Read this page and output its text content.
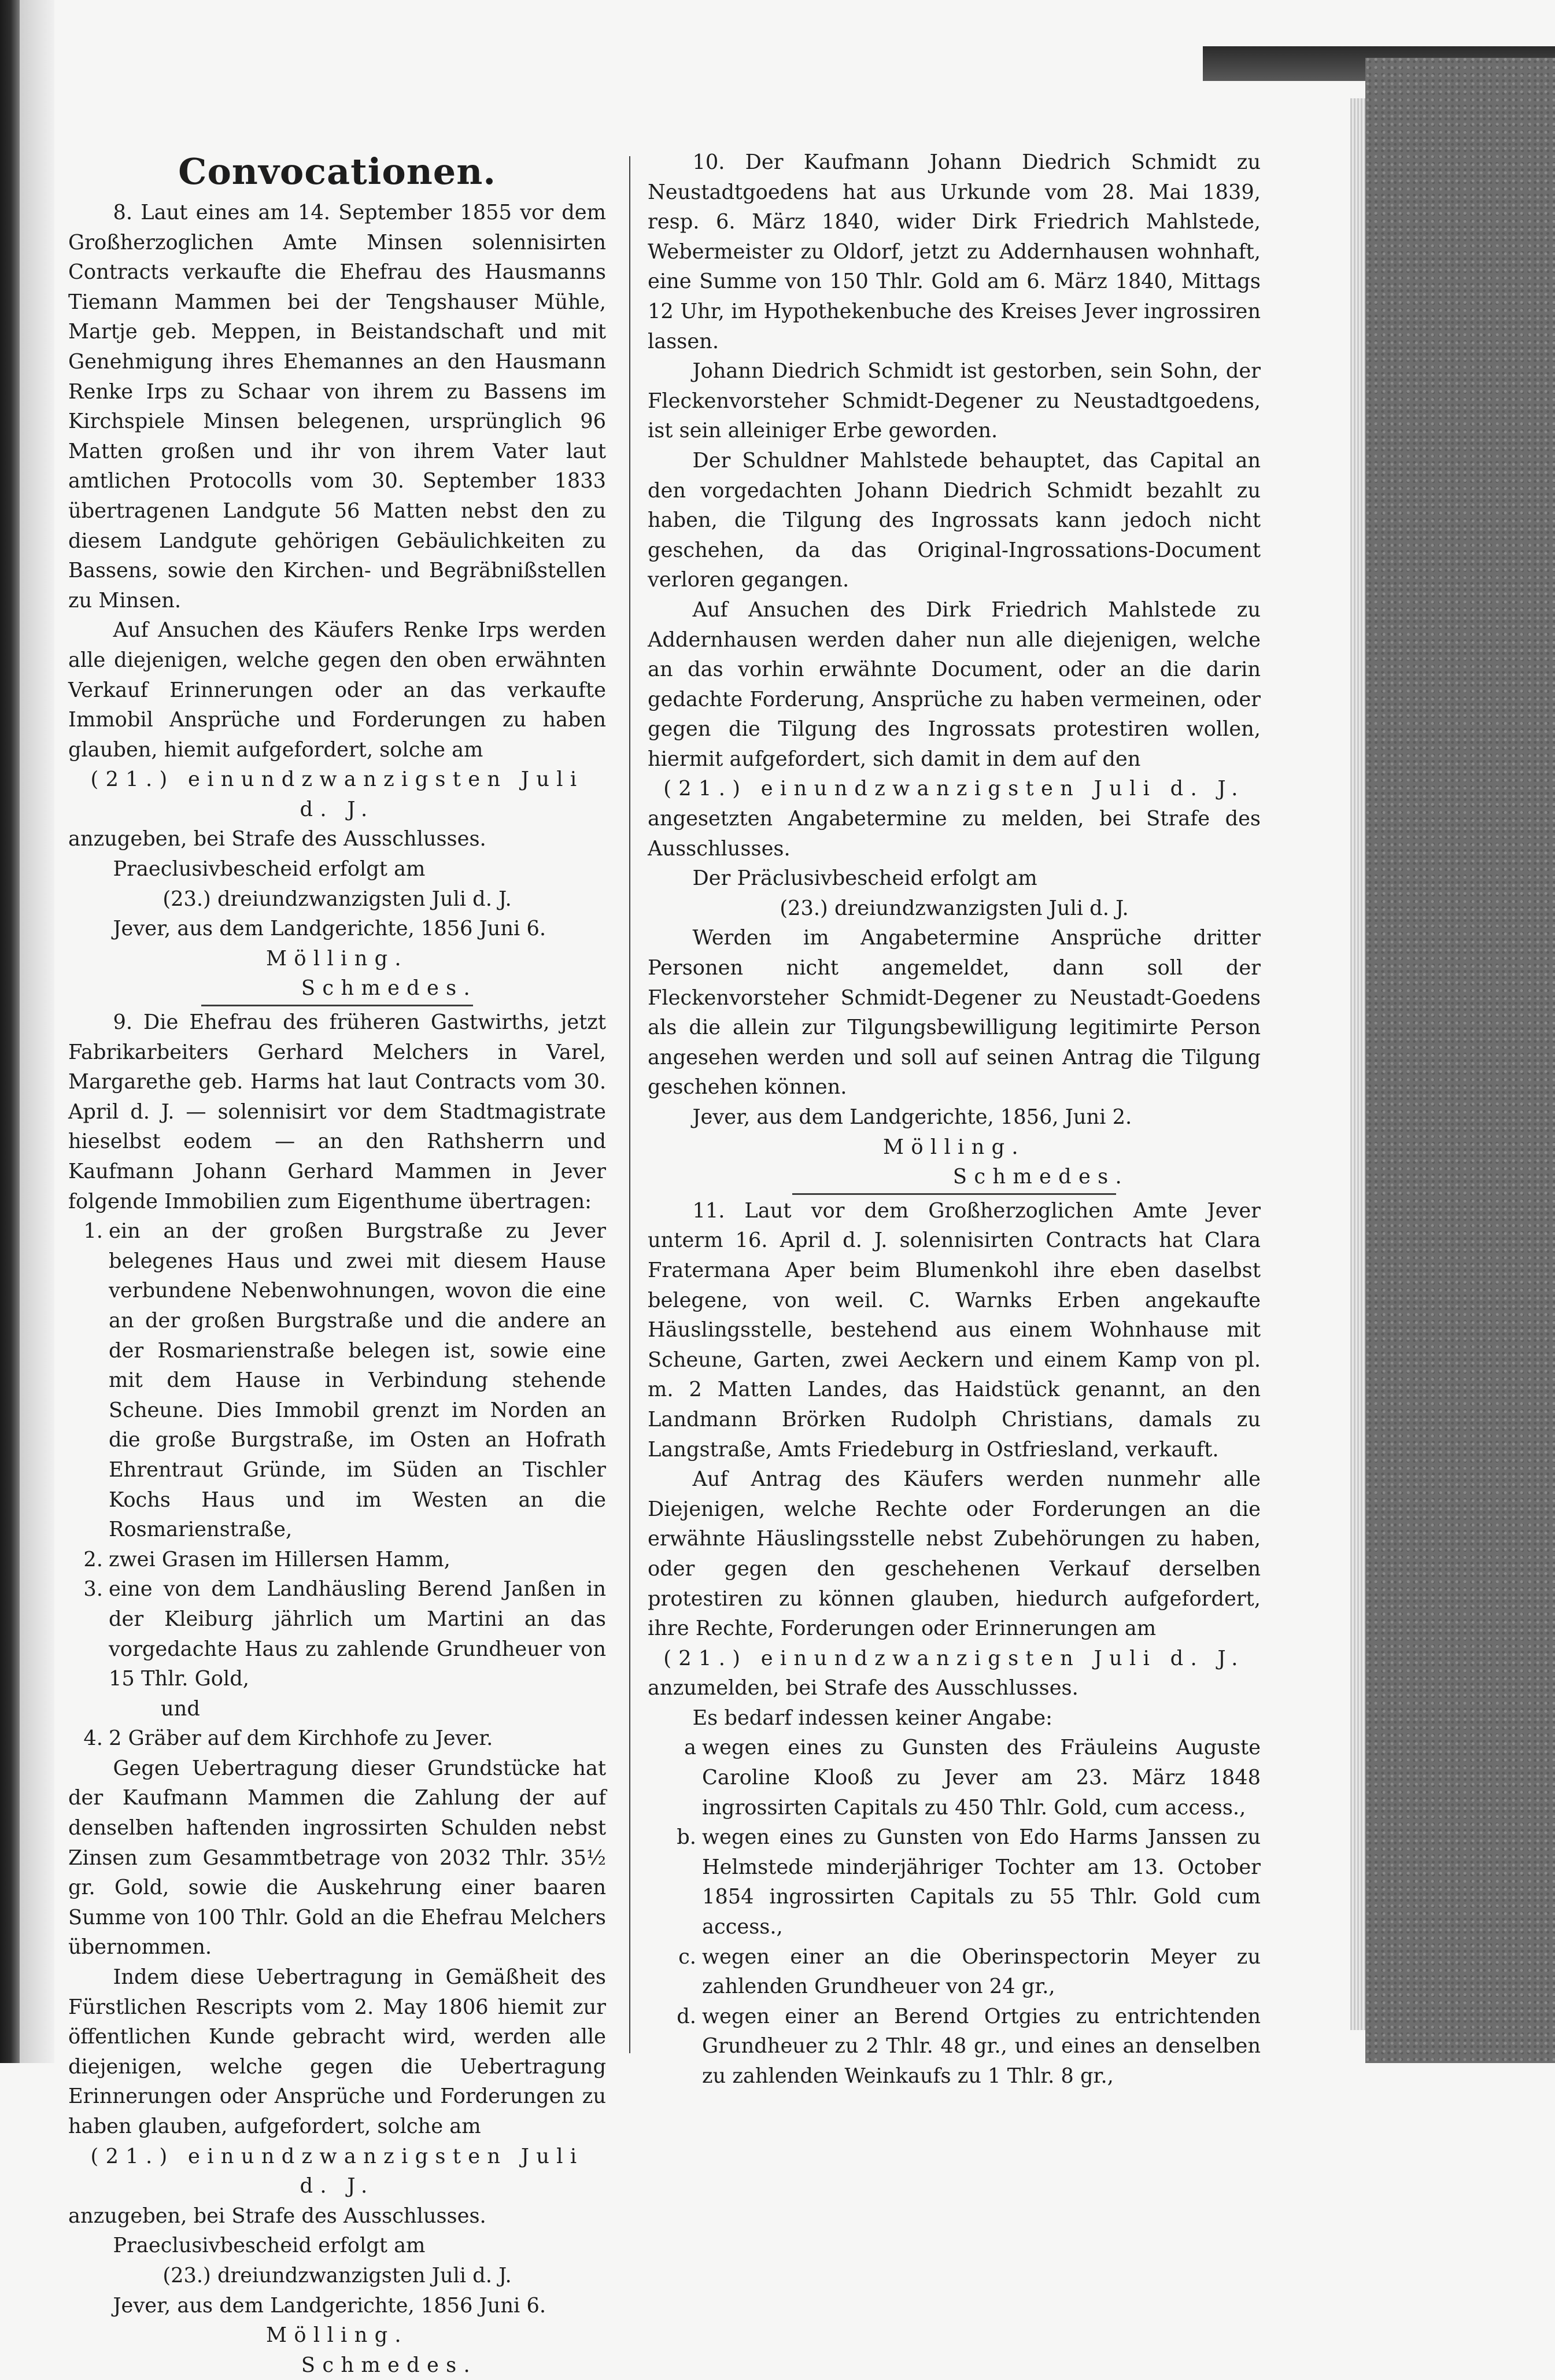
Convocationen.

8. Laut eines am 14. September 1855 vor dem Großherzoglichen Amte Minsen solennisirten Contracts verkaufte die Ehefrau des Hausmanns Tiemann Mammen bei der Tengshauser Mühle, Martje geb. Meppen, in Beistandschaft und mit Genehmigung ihres Ehemannes an den Hausmann Renke Irps zu Schaar von ihrem zu Bassens im Kirchspiele Minsen belegenen, ursprünglich 96 Matten großen und ihr von ihrem Vater laut amtlichen Protocolls vom 30. September 1833 übertragenen Landgute 56 Matten nebst den zu diesem Landgute gehörigen Gebäulichkeiten zu Bassens, sowie den Kirchen- und Begräbnißstellen zu Minsen.

Auf Ansuchen des Käufers Renke Irps werden alle diejenigen, welche gegen den oben erwähnten Verkauf Erinnerungen oder an das verkaufte Immobil Ansprüche und Forderungen zu haben glauben, hiemit aufgefordert, solche am

(21.) einundzwanzigsten Juli d. J.

anzugeben, bei Strafe des Ausschlusses.

Praeclusivbescheid erfolgt am

(23.) dreiundzwanzigsten Juli d. J.

Jever, aus dem Landgerichte, 1856 Juni 6.

Mölling.

Schmedes.

9. Die Ehefrau des früheren Gastwirths, jetzt Fabrikarbeiters Gerhard Melchers in Varel, Margarethe geb. Harms hat laut Contracts vom 30. April d. J. — solennisirt vor dem Stadtmagistrate hieselbst eodem — an den Rathsherrn und Kaufmann Johann Gerhard Mammen in Jever folgende Immobilien zum Eigenthume übertragen:

1. ein an der großen Burgstraße zu Jever belegenes Haus und zwei mit diesem Hause verbundene Nebenwohnungen, wovon die eine an der großen Burgstraße und die andere an der Rosmarienstraße belegen ist, sowie eine mit dem Hause in Verbindung stehende Scheune. Dies Immobil grenzt im Norden an die große Burgstraße, im Osten an Hofrath Ehrentraut Gründe, im Süden an Tischler Kochs Haus und im Westen an die Rosmarienstraße,
2. zwei Grasen im Hillersen Hamm,
3. eine von dem Landhäusling Berend Janßen in der Kleiburg jährlich um Martini an das vorgedachte Haus zu zahlende Grundheuer von 15 Thlr. Gold,
und
4. 2 Gräber auf dem Kirchhofe zu Jever.

Gegen Uebertragung dieser Grundstücke hat der Kaufmann Mammen die Zahlung der auf denselben haftenden ingrossirten Schulden nebst Zinsen zum Gesammtbetrage von 2032 Thlr. 35½ gr. Gold, sowie die Auskehrung einer baaren Summe von 100 Thlr. Gold an die Ehefrau Melchers übernommen.

Indem diese Uebertragung in Gemäßheit des Fürstlichen Rescripts vom 2. May 1806 hiemit zur öffentlichen Kunde gebracht wird, werden alle diejenigen, welche gegen die Uebertragung Erinnerungen oder Ansprüche und Forderungen zu haben glauben, aufgefordert, solche am

(21.) einundzwanzigsten Juli d. J.

anzugeben, bei Strafe des Ausschlusses.

Praeclusivbescheid erfolgt am

(23.) dreiundzwanzigsten Juli d. J.

Jever, aus dem Landgerichte, 1856 Juni 6.

Mölling.

Schmedes.

10. Der Kaufmann Johann Diedrich Schmidt zu Neustadtgoedens hat aus Urkunde vom 28. Mai 1839, resp. 6. März 1840, wider Dirk Friedrich Mahlstede, Webermeister zu Oldorf, jetzt zu Addernhausen wohnhaft, eine Summe von 150 Thlr. Gold am 6. März 1840, Mittags 12 Uhr, im Hypothekenbuche des Kreises Jever ingrossiren lassen.

Johann Diedrich Schmidt ist gestorben, sein Sohn, der Fleckenvorsteher Schmidt-Degener zu Neustadtgoedens, ist sein alleiniger Erbe geworden.

Der Schuldner Mahlstede behauptet, das Capital an den vorgedachten Johann Diedrich Schmidt bezahlt zu haben, die Tilgung des Ingrossats kann jedoch nicht geschehen, da das Original-Ingrossations-Document verloren gegangen.

Auf Ansuchen des Dirk Friedrich Mahlstede zu Addernhausen werden daher nun alle diejenigen, welche an das vorhin erwähnte Document, oder an die darin gedachte Forderung, Ansprüche zu haben vermeinen, oder gegen die Tilgung des Ingrossats protestiren wollen, hiermit aufgefordert, sich damit in dem auf den

(21.) einundzwanzigsten Juli d. J.

angesetzten Angabetermine zu melden, bei Strafe des Ausschlusses.

Der Präclusivbescheid erfolgt am

(23.) dreiundzwanzigsten Juli d. J.

Werden im Angabetermine Ansprüche dritter Personen nicht angemeldet, dann soll der Fleckenvorsteher Schmidt-Degener zu Neustadt-Goedens als die allein zur Tilgungsbewilligung legitimirte Person angesehen werden und soll auf seinen Antrag die Tilgung geschehen können.

Jever, aus dem Landgerichte, 1856, Juni 2.

Mölling.

Schmedes.

11. Laut vor dem Großherzoglichen Amte Jever unterm 16. April d. J. solennisirten Contracts hat Clara Fratermana Aper beim Blumenkohl ihre eben daselbst belegene, von weil. C. Warnks Erben angekaufte Häuslingsstelle, bestehend aus einem Wohnhause mit Scheune, Garten, zwei Aeckern und einem Kamp von pl. m. 2 Matten Landes, das Haidstück genannt, an den Landmann Brörken Rudolph Christians, damals zu Langstraße, Amts Friedeburg in Ostfriesland, verkauft.

Auf Antrag des Käufers werden nunmehr alle Diejenigen, welche Rechte oder Forderungen an die erwähnte Häuslingsstelle nebst Zubehörungen zu haben, oder gegen den geschehenen Verkauf derselben protestiren zu können glauben, hiedurch aufgefordert, ihre Rechte, Forderungen oder Erinnerungen am

(21.) einundzwanzigsten Juli d. J.

anzumelden, bei Strafe des Ausschlusses.

Es bedarf indessen keiner Angabe:

a wegen eines zu Gunsten des Fräuleins Auguste Caroline Klooß zu Jever am 23. März 1848 ingrossirten Capitals zu 450 Thlr. Gold, cum access.,
b. wegen eines zu Gunsten von Edo Harms Janssen zu Helmstede minderjähriger Tochter am 13. October 1854 ingrossirten Capitals zu 55 Thlr. Gold cum access.,
c. wegen einer an die Oberinspectorin Meyer zu zahlenden Grundheuer von 24 gr.,
d. wegen einer an Berend Ortgies zu entrichtenden Grundheuer zu 2 Thlr. 48 gr., und eines an denselben zu zahlenden Weinkaufs zu 1 Thlr. 8 gr.,
